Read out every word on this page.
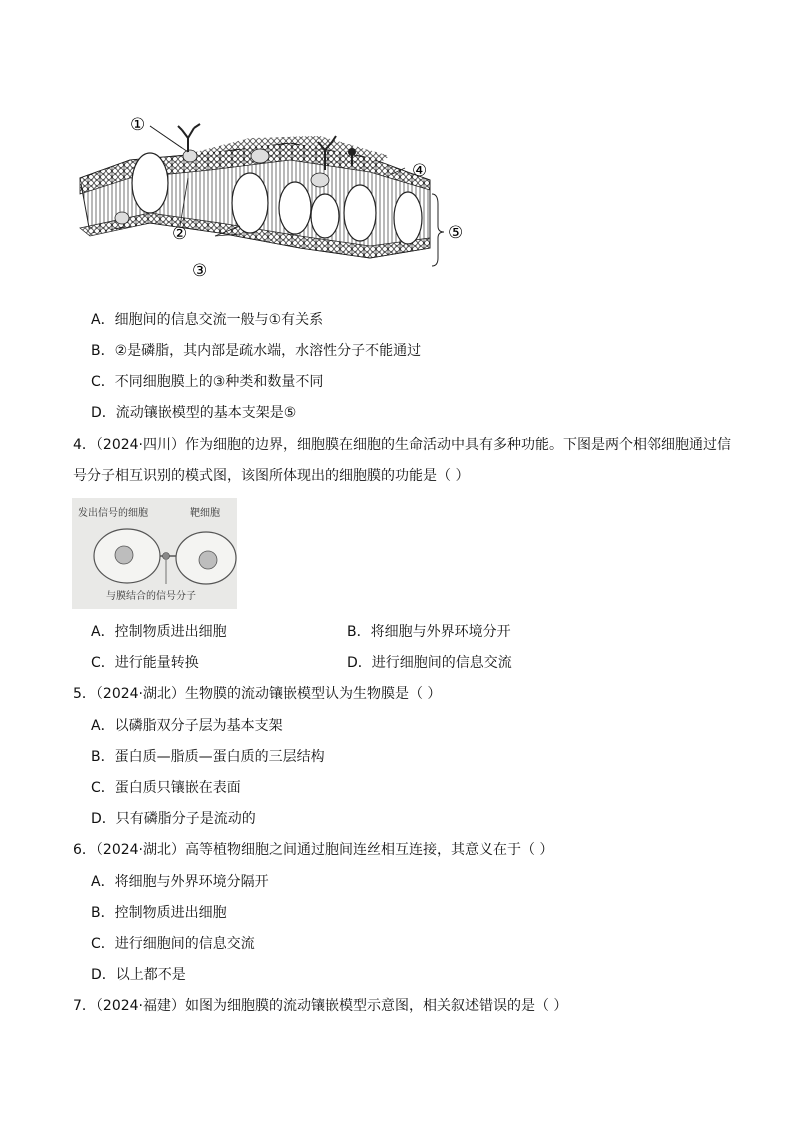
①
②
③
④
⑤
A．细胞间的信息交流一般与①有关系
B．②是磷脂，其内部是疏水端，水溶性分子不能通过
C．不同细胞膜上的③种类和数量不同
D．流动镶嵌模型的基本支架是⑤
4．（2024·四川）作为细胞的边界，细胞膜在细胞的生命活动中具有多种功能。下图是两个相邻细胞通过信
号分子相互识别的模式图，该图所体现出的细胞膜的功能是（ ）
发出信号的细胞	靶细胞
与膜结合的信号分子
A．控制物质进出细胞	B．将细胞与外界环境分开
C．进行能量转换	D．进行细胞间的信息交流
5．（2024·湖北）生物膜的流动镶嵌模型认为生物膜是（ ）
A．以磷脂双分子层为基本支架
B．蛋白质—脂质—蛋白质的三层结构
C．蛋白质只镶嵌在表面
D．只有磷脂分子是流动的
6．（2024·湖北）高等植物细胞之间通过胞间连丝相互连接，其意义在于（ ）
A．将细胞与外界环境分隔开
B．控制物质进出细胞
C．进行细胞间的信息交流
D．以上都不是
7．（2024·福建）如图为细胞膜的流动镶嵌模型示意图，相关叙述错误的是（ ）
